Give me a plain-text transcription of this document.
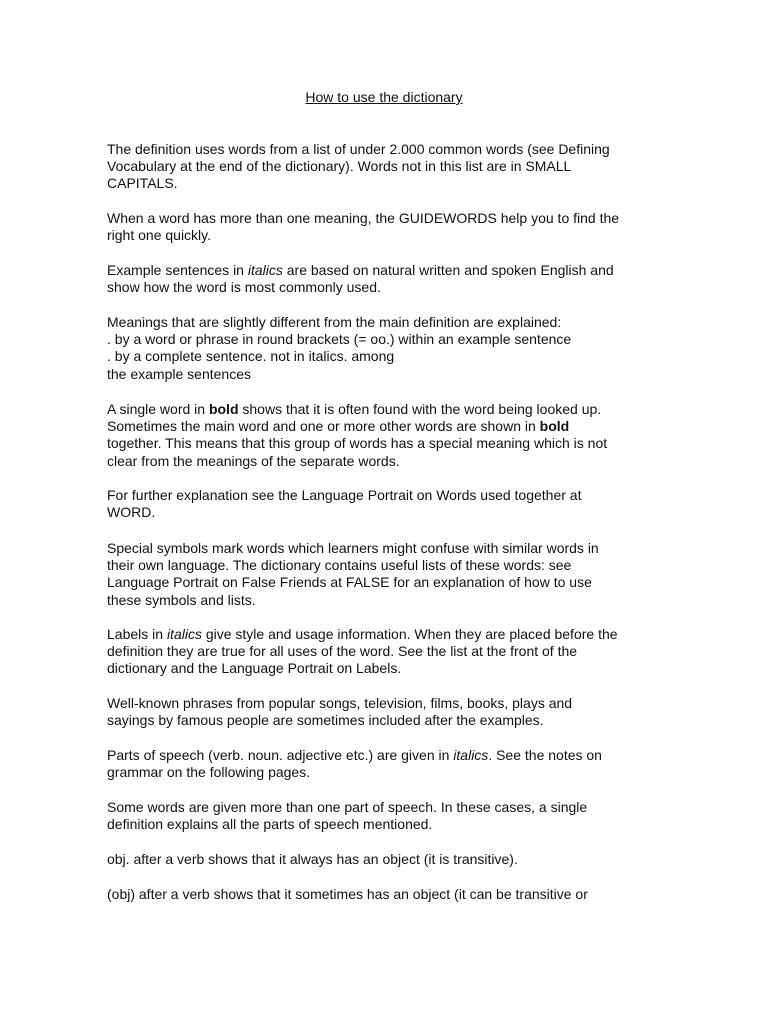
How to use the dictionary

The definition uses words from a list of under 2.000 common words (see Defining
Vocabulary at the end of the dictionary). Words not in this list are in SMALL
CAPITALS.

When a word has more than one meaning, the GUIDEWORDS help you to find the
right one quickly.

Example sentences in italics are based on natural written and spoken English and
show how the word is most commonly used.

Meanings that are slightly different from the main definition are explained:
. by a word or phrase in round brackets (= oo.) within an example sentence
. by a complete sentence. not in italics. among
the example sentences

A single word in bold shows that it is often found with the word being looked up.
Sometimes the main word and one or more other words are shown in bold
together. This means that this group of words has a special meaning which is not
clear from the meanings of the separate words.

For further explanation see the Language Portrait on Words used together at
WORD.

Special symbols mark words which learners might confuse with similar words in
their own language. The dictionary contains useful lists of these words: see
Language Portrait on False Friends at FALSE for an explanation of how to use
these symbols and lists.

Labels in italics give style and usage information. When they are placed before the
definition they are true for all uses of the word. See the list at the front of the
dictionary and the Language Portrait on Labels.

Well-known phrases from popular songs, television, films, books, plays and
sayings by famous people are sometimes included after the examples.

Parts of speech (verb. noun. adjective etc.) are given in italics. See the notes on
grammar on the following pages.

Some words are given more than one part of speech. In these cases, a single
definition explains all the parts of speech mentioned.

obj. after a verb shows that it always has an object (it is transitive).

(obj) after a verb shows that it sometimes has an object (it can be transitive or
